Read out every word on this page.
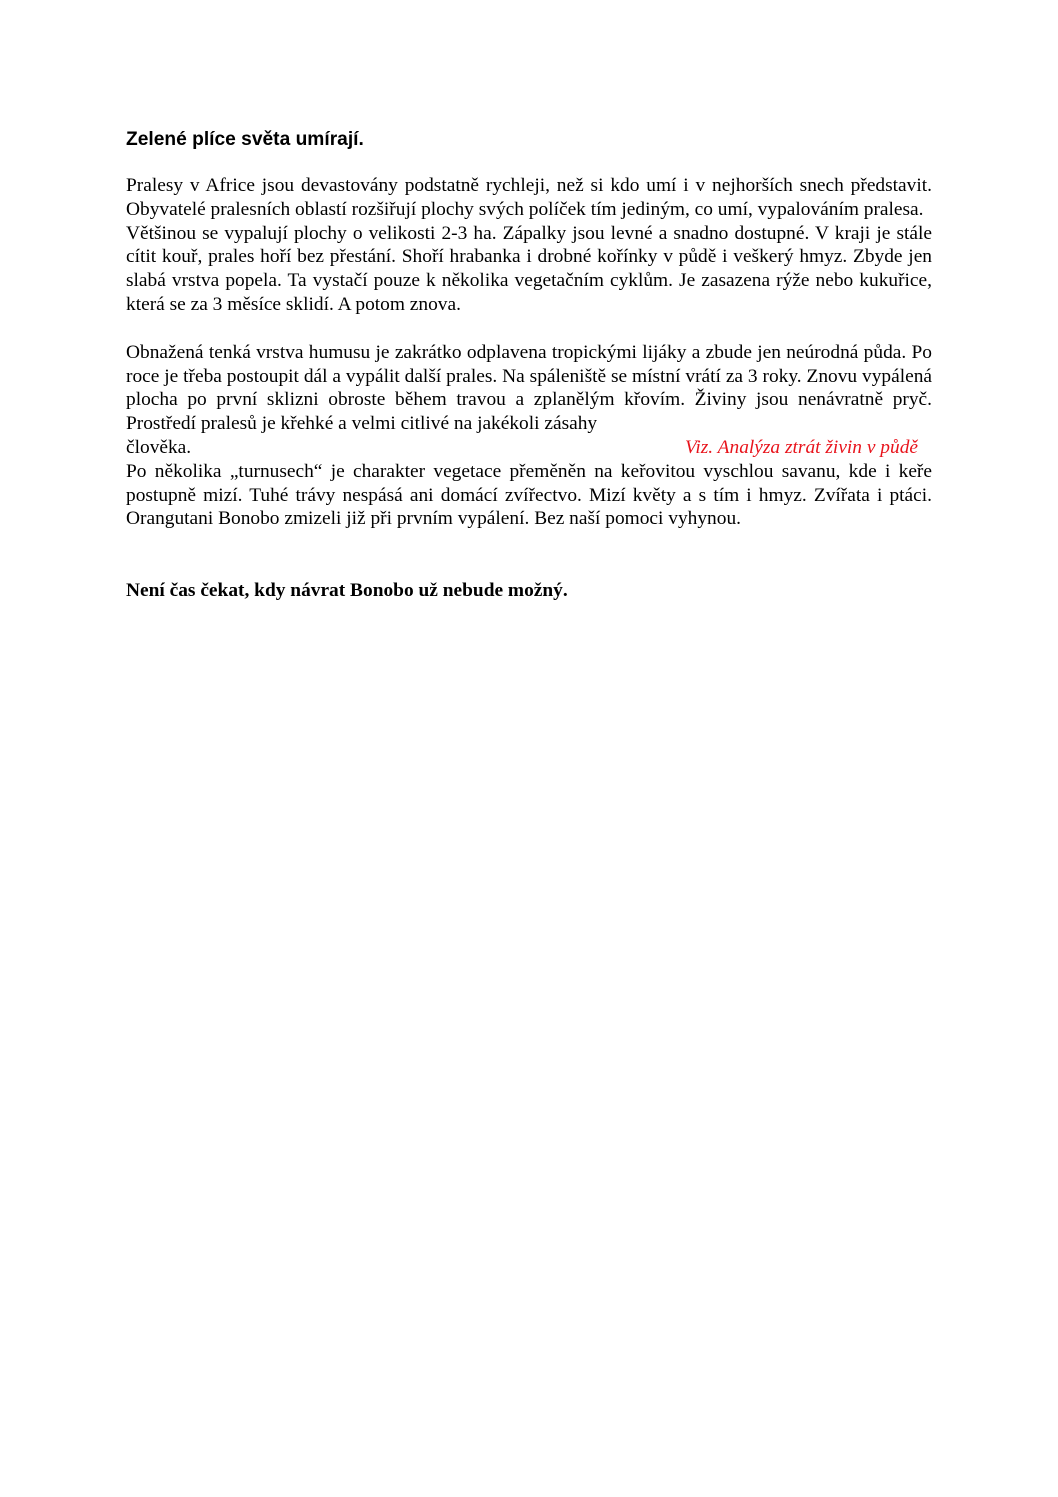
Zelené plíce světa umírají.

Pralesy v Africe jsou devastovány podstatně rychleji, než si kdo umí i v nejhorších snech představit. Obyvatelé pralesních oblastí rozšiřují plochy svých políček tím jediným, co umí, vypalováním pralesa.

Většinou se vypalují plochy o velikosti 2-3 ha. Zápalky jsou levné a snadno dostupné. V kraji je stále cítit kouř, prales hoří bez přestání. Shoří hrabanka i drobné kořínky v půdě i veškerý hmyz. Zbyde jen slabá vrstva popela. Ta vystačí pouze k několika vegetačním cyklům. Je zasazena rýže nebo kukuřice, která se za 3 měsíce sklidí. A potom znova.

Obnažená tenká vrstva humusu je zakrátko odplavena tropickými lijáky a zbude jen neúrodná půda. Po roce je třeba postoupit dál a vypálit další prales. Na spáleniště se místní vrátí za 3 roky. Znovu vypálená plocha po první sklizni obroste během travou a zplanělým křovím. Živiny jsou nenávratně pryč. Prostředí pralesů je křehké a velmi citlivé na jakékoli zásahy

člověka.	Viz. Analýza ztrát živin v půdě

Po několika „turnusech“ je charakter vegetace přeměněn na keřovitou vyschlou savanu, kde i keře postupně mizí. Tuhé trávy nespásá ani domácí zvířectvo. Mizí květy a s tím i hmyz. Zvířata i ptáci. Orangutani Bonobo zmizeli již při prvním vypálení. Bez naší pomoci vyhynou.

Není čas čekat, kdy návrat Bonobo už nebude možný.
